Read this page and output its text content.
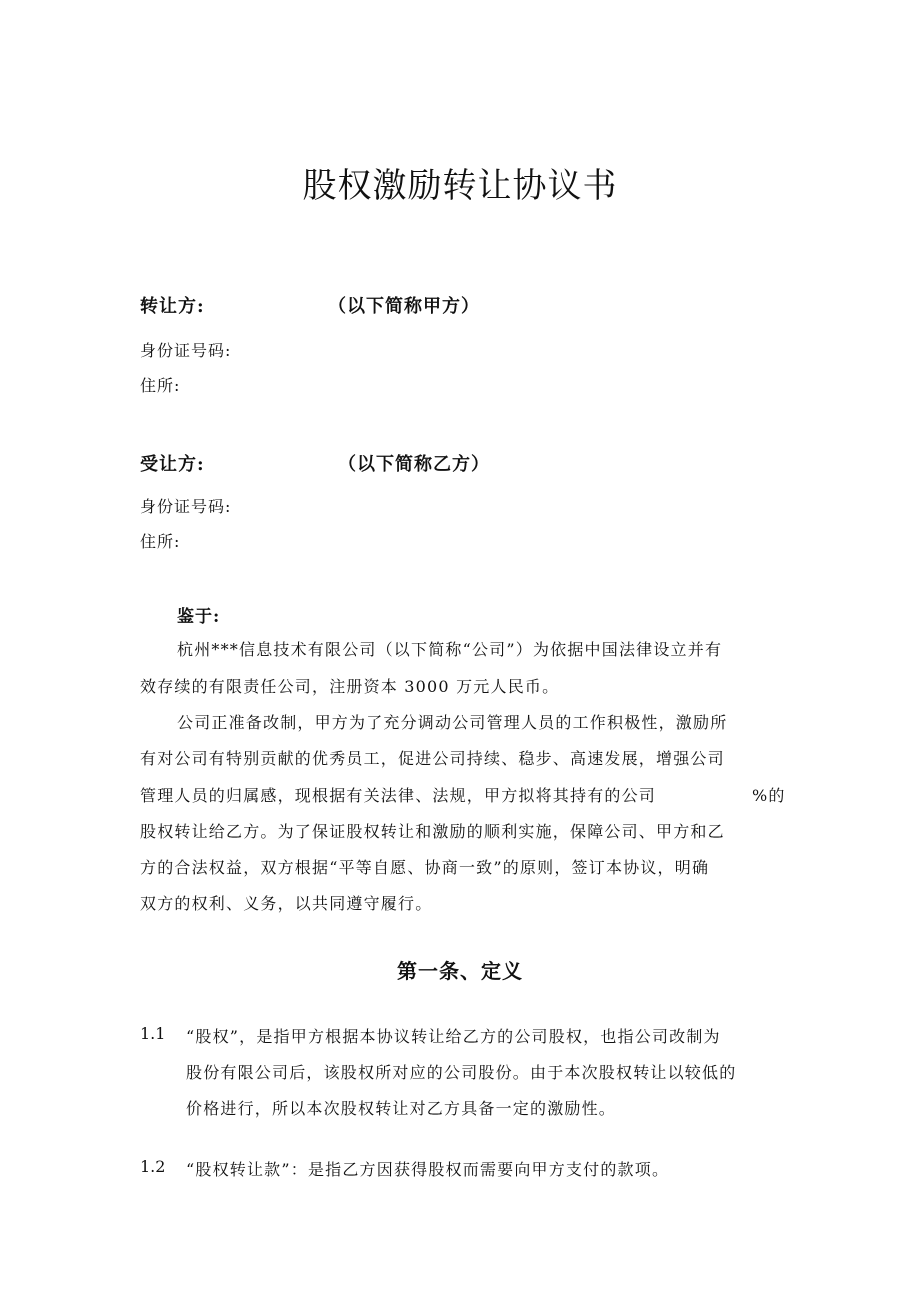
股权激励转让协议书
转让方:	（以下简称甲方）
身份证号码:
住所:
受让方:	（以下简称乙方）
身份证号码:
住所:
鉴于:
杭州***信息技术有限公司（以下简称“公司”）为依据中国法律设立并有
效存续的有限责任公司，注册资本 3000 万元人民币。
公司正准备改制，甲方为了充分调动公司管理人员的工作积极性，激励所
有对公司有特别贡献的优秀员工，促进公司持续、稳步、高速发展，增强公司
管理人员的归属感，现根据有关法律、法规，甲方拟将其持有的公司	%的
股权转让给乙方。为了保证股权转让和激励的顺利实施，保障公司、甲方和乙
方的合法权益，双方根据“平等自愿、协商一致”的原则，签订本协议，明确
双方的权利、义务，以共同遵守履行。
第一条、定义
1.1 “股权”，是指甲方根据本协议转让给乙方的公司股权，也指公司改制为
股份有限公司后，该股权所对应的公司股份。由于本次股权转让以较低的
价格进行，所以本次股权转让对乙方具备一定的激励性。
1.2 “股权转让款”：是指乙方因获得股权而需要向甲方支付的款项。
